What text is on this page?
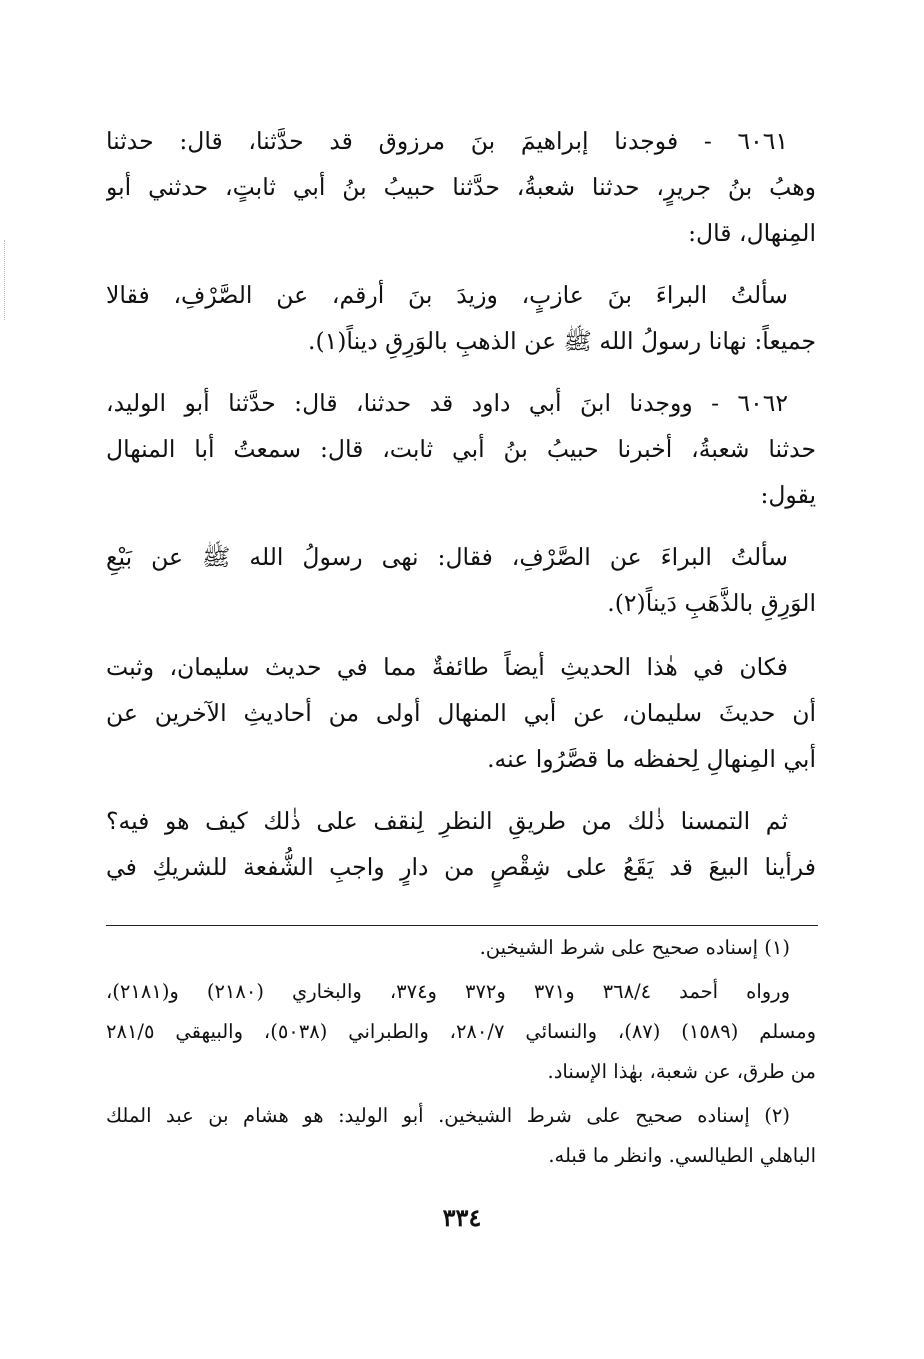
٦٠٦١ - فوجدنا إبراهيمَ بنَ مرزوق قد حدَّثنا، قال: حدثنا
وهبُ بنُ جريرٍ، حدثنا شعبةُ، حدَّثنا حبيبُ بنُ أبي ثابتٍ، حدثني أبو
المِنهال، قال:
سألتُ البراءَ بنَ عازبٍ، وزيدَ بنَ أرقم، عن الصَّرْفِ، فقالا
جميعاً: نهانا رسولُ الله ﷺ عن الذهبِ بالوَرِقِ ديناً(١).
٦٠٦٢ - ووجدنا ابنَ أبي داود قد حدثنا، قال: حدَّثنا أبو الوليد،
حدثنا شعبةُ، أخبرنا حبيبُ بنُ أبي ثابت، قال: سمعتُ أبا المنهال
يقول:
سألتُ البراءَ عن الصَّرْفِ، فقال: نهى رسولُ الله ﷺ عن بَيْعِ
الوَرِقِ بالذَّهَبِ دَيناً(٢).
فكان في هٰذا الحديثِ أيضاً طائفةٌ مما في حديث سليمان، وثبت
أن حديثَ سليمان، عن أبي المنهال أولى من أحاديثِ الآخرين عن
أبي المِنهالِ لِحفظه ما قصَّرُوا عنه.
ثم التمسنا ذٰلك من طريقِ النظرِ لِنقف على ذٰلك كيف هو فيه؟
فرأينا البيعَ قد يَقَعُ على شِقْصٍ من دارٍ واجبِ الشُّفعة للشريكِ في
(١) إسناده صحيح على شرط الشيخين.
ورواه أحمد ٣٦٨/٤ و٣٧١ و٣٧٢ و٣٧٤، والبخاري (٢١٨٠) و(٢١٨١)،
ومسلم (١٥٨٩) (٨٧)، والنسائي ٢٨٠/٧، والطبراني (٥٠٣٨)، والبيهقي ٢٨١/٥
من طرق، عن شعبة، بهٰذا الإسناد.
(٢) إسناده صحيح على شرط الشيخين. أبو الوليد: هو هشام بن عبد الملك
الباهلي الطيالسي. وانظر ما قبله.
٣٣٤
